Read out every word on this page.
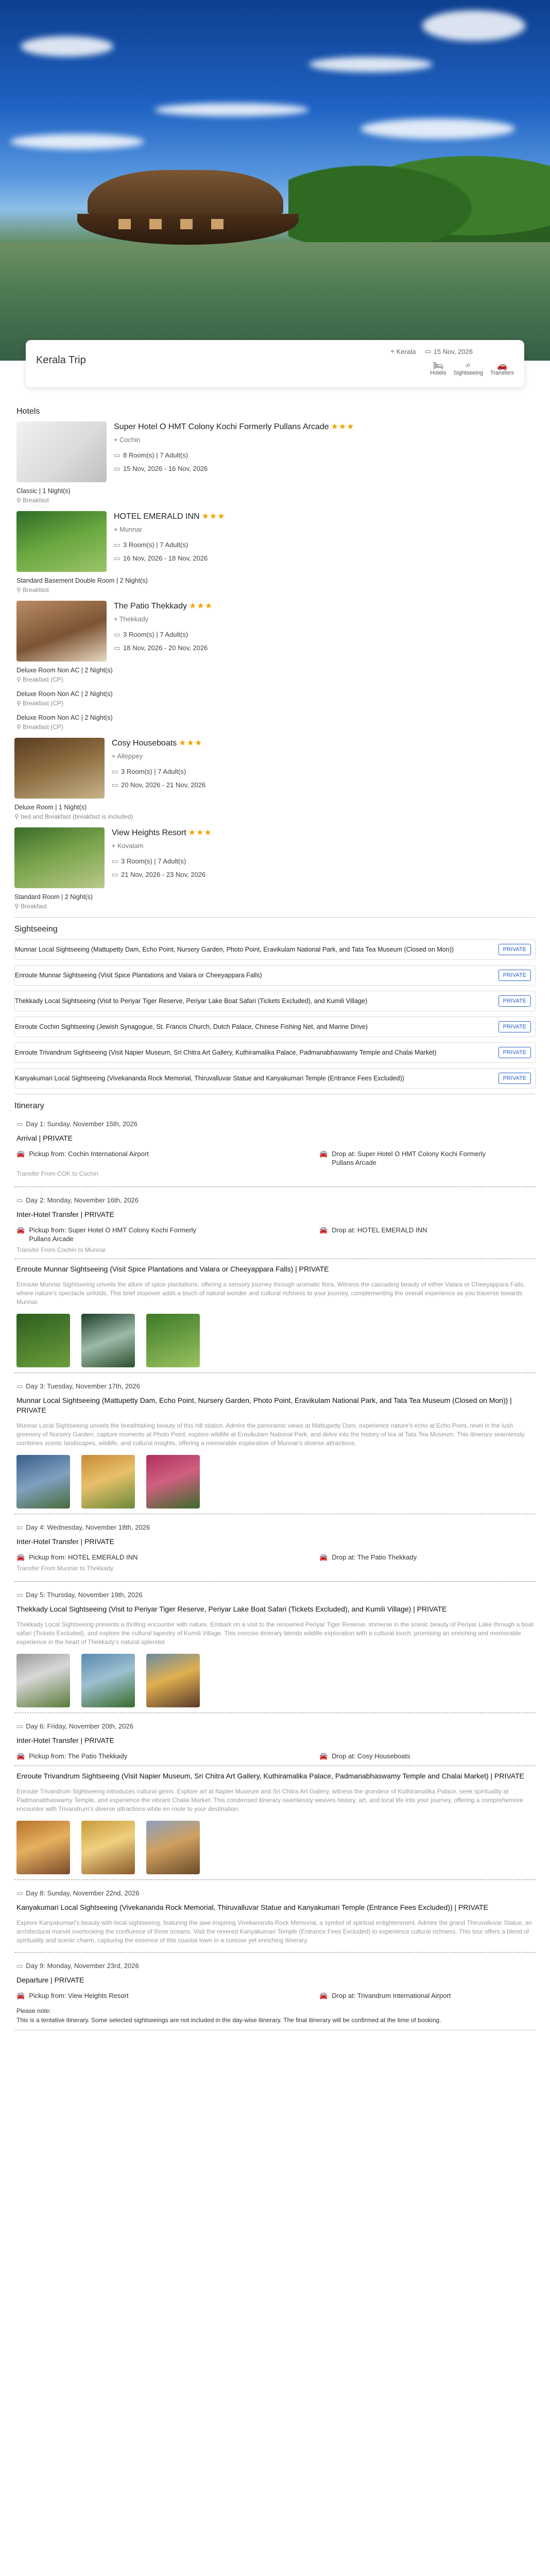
Kerala Trip
⌖ Kerala ▭ 15 Nov, 2026
🛏
Hotels
⌕
Sightseeing
🚗
Transfers
Hotels
Super Hotel O HMT Colony Kochi Formerly Pullans Arcade ★★★
⌖ Cochin
▭ 8 Room(s) | 7 Adult(s)
▭ 15 Nov, 2026 - 16 Nov, 2026
Classic | 1 Night(s)
⚲ Breakfast
HOTEL EMERALD INN ★★★
⌖ Munnar
▭ 3 Room(s) | 7 Adult(s)
▭ 16 Nov, 2026 - 18 Nov, 2026
Standard Basement Double Room | 2 Night(s)
⚲ Breakfast
The Patio Thekkady ★★★
⌖ Thekkady
▭ 3 Room(s) | 7 Adult(s)
▭ 18 Nov, 2026 - 20 Nov, 2026
Deluxe Room Non AC | 2 Night(s)
⚲ Breakfast (CP)
Deluxe Room Non AC | 2 Night(s)
⚲ Breakfast (CP)
Deluxe Room Non AC | 2 Night(s)
⚲ Breakfast (CP)
Cosy Houseboats ★★★
⌖ Alleppey
▭ 3 Room(s) | 7 Adult(s)
▭ 20 Nov, 2026 - 21 Nov, 2026
Deluxe Room | 1 Night(s)
⚲ bed and Breakfast (breakfast is included)
View Heights Resort ★★★
⌖ Kovalam
▭ 3 Room(s) | 7 Adult(s)
▭ 21 Nov, 2026 - 23 Nov, 2026
Standard Room | 2 Night(s)
⚲ Breakfast
Sightseeing
Munnar Local Sightseeing (Mattupetty Dam, Echo Point, Nursery Garden, Photo Point, Eravikulam National Park, and Tata Tea Museum (Closed on Mon))	PRIVATE
Enroute Munnar Sightseeing (Visit Spice Plantations and Valara or Cheeyappara Falls)	PRIVATE
Thekkady Local Sightseeing (Visit to Periyar Tiger Reserve, Periyar Lake Boat Safari (Tickets Excluded), and Kumili Village)	PRIVATE
Enroute Cochin Sightseeing (Jewish Synagogue, St. Francis Church, Dutch Palace, Chinese Fishing Net, and Marine Drive)	PRIVATE
Enroute Trivandrum Sightseeing (Visit Napier Museum, Sri Chitra Art Gallery, Kuthiramalika Palace, Padmanabhaswamy Temple and Chalai Market)	PRIVATE
Kanyakumari Local Sightseeing (Vivekananda Rock Memorial, Thiruvalluvar Statue and Kanyakumari Temple (Entrance Fees Excluded))	PRIVATE
Itinerary
▭ Day 1: Sunday, November 15th, 2026
Arrival | PRIVATE
🚘 Pickup from: Cochin International Airport	🚘 Drop at: Super Hotel O HMT Colony Kochi Formerly Pullans Arcade
Transfer From COK to Cochin
▭ Day 2: Monday, November 16th, 2026
Inter-Hotel Transfer | PRIVATE
🚘 Pickup from: Super Hotel O HMT Colony Kochi Formerly Pullans Arcade
🚘 Drop at: HOTEL EMERALD INN
Transfer From Cochin to Munnar
Enroute Munnar Sightseeing (Visit Spice Plantations and Valara or Cheeyappara Falls) | PRIVATE
Enroute Munnar Sightseeing unveils the allure of spice plantations, offering a sensory journey through aromatic flora. Witness the cascading beauty of either Valara or Cheeyappara Falls, where nature's spectacle unfolds. This brief stopover adds a touch of natural wonder and cultural richness to your journey, complementing the overall experience as you traverse towards Munnar.
▭ Day 3: Tuesday, November 17th, 2026
Munnar Local Sightseeing (Mattupetty Dam, Echo Point, Nursery Garden, Photo Point, Eravikulam National Park, and Tata Tea Museum (Closed on Mon)) | PRIVATE
Munnar Local Sightseeing unveils the breathtaking beauty of this hill station. Admire the panoramic views at Mattupetty Dam, experience nature's echo at Echo Point, revel in the lush greenery of Nursery Garden, capture moments at Photo Point, explore wildlife at Eravikulam National Park, and delve into the history of tea at Tata Tea Museum. This itinerary seamlessly combines scenic landscapes, wildlife, and cultural insights, offering a memorable exploration of Munnar's diverse attractions.
▭ Day 4: Wednesday, November 18th, 2026
Inter-Hotel Transfer | PRIVATE
🚘 Pickup from: HOTEL EMERALD INN	🚘 Drop at: The Patio Thekkady
Transfer From Munnar to Thekkady
▭ Day 5: Thursday, November 19th, 2026
Thekkady Local Sightseeing (Visit to Periyar Tiger Reserve, Periyar Lake Boat Safari (Tickets Excluded), and Kumili Village) | PRIVATE
Thekkady Local Sightseeing presents a thrilling encounter with nature. Embark on a visit to the renowned Periyar Tiger Reserve, immerse in the scenic beauty of Periyar Lake through a boat safari (Tickets Excluded), and explore the cultural tapestry of Kumili Village. This concise itinerary blends wildlife exploration with a cultural touch, promising an enriching and memorable experience in the heart of Thekkady's natural splendor.
▭ Day 6: Friday, November 20th, 2026
Inter-Hotel Transfer | PRIVATE
🚘 Pickup from: The Patio Thekkady	🚘 Drop at: Cosy Houseboats
Enroute Trivandrum Sightseeing (Visit Napier Museum, Sri Chitra Art Gallery, Kuthiramalika Palace, Padmanabhaswamy Temple and Chalai Market) | PRIVATE
Enroute Trivandrum Sightseeing introduces cultural gems. Explore art at Napier Museum and Sri Chitra Art Gallery, witness the grandeur of Kuthiramalika Palace, seek spirituality at Padmanabhaswamy Temple, and experience the vibrant Chalai Market. This condensed itinerary seamlessly weaves history, art, and local life into your journey, offering a comprehensive encounter with Trivandrum's diverse attractions while en route to your destination.
▭ Day 8: Sunday, November 22nd, 2026
Kanyakumari Local Sightseeing (Vivekananda Rock Memorial, Thiruvalluvar Statue and Kanyakumari Temple (Entrance Fees Excluded)) | PRIVATE
Explore Kanyakumari's beauty with local sightseeing, featuring the awe-inspiring Vivekananda Rock Memorial, a symbol of spiritual enlightenment. Admire the grand Thiruvalluvar Statue, an architectural marvel overlooking the confluence of three oceans. Visit the revered Kanyakumari Temple (Entrance Fees Excluded) to experience cultural richness. This tour offers a blend of spirituality and scenic charm, capturing the essence of this coastal town in a concise yet enriching itinerary.
▭ Day 9: Monday, November 23rd, 2026
Departure | PRIVATE
🚘 Pickup from: View Heights Resort	🚘 Drop at: Trivandrum International Airport
Please note:
This is a tentative itinerary. Some selected sightseeings are not included in the day-wise itinerary. The final itinerary will be confirmed at the time of booking.
